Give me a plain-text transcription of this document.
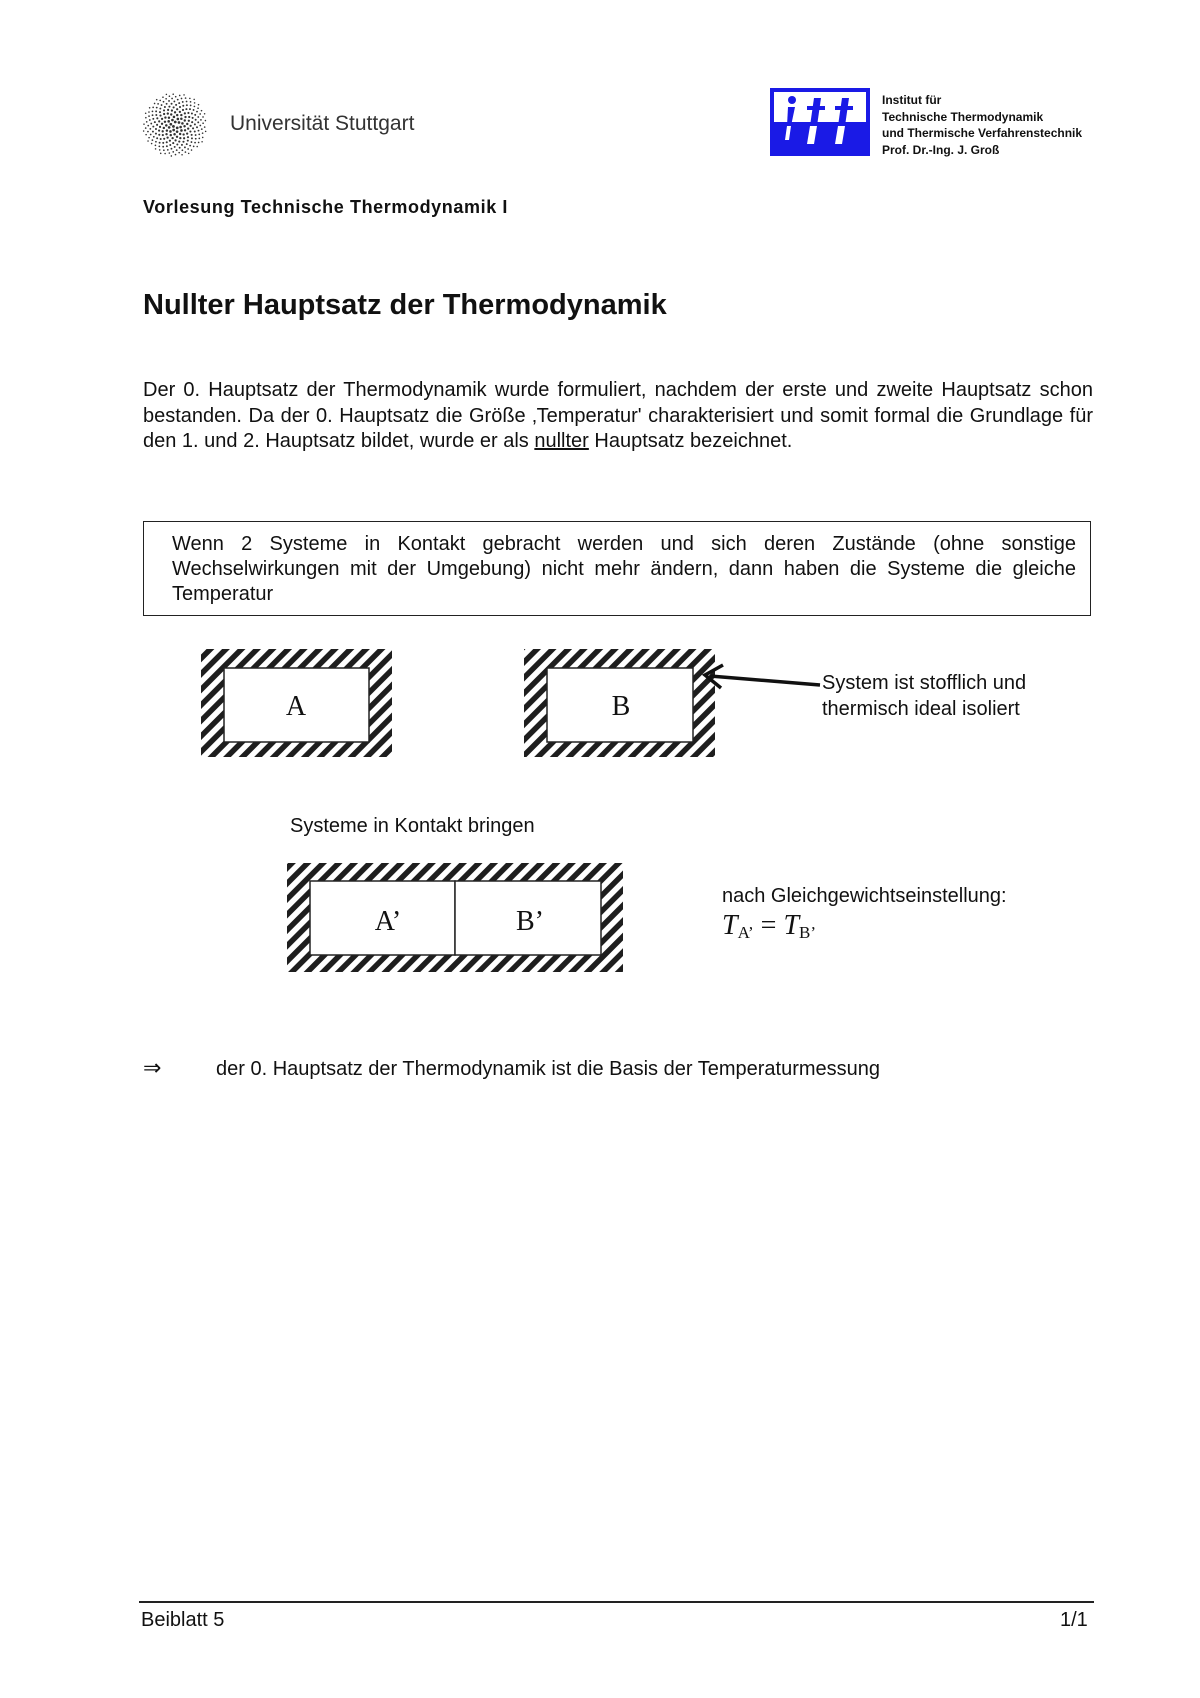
Universität Stuttgart
Institut für
Technische Thermodynamik
und Thermische Verfahrenstechnik
Prof. Dr.-Ing. J. Groß
Vorlesung Technische Thermodynamik I
Nullter Hauptsatz der Thermodynamik
Der 0. Hauptsatz der Thermodynamik wurde formuliert, nachdem der erste und zweite Hauptsatz schon bestanden. Da der 0. Hauptsatz die Größe ‚Temperatur' charakterisiert und somit formal die Grundlage für den 1. und 2. Hauptsatz bildet, wurde er als nullter Hauptsatz bezeichnet.
Wenn 2 Systeme in Kontakt gebracht werden und sich deren Zustände (ohne sonstige Wechselwirkungen mit der Umgebung) nicht mehr ändern, dann haben die Systeme die gleiche Temperatur
A	B
A’	B’
System ist stofflich und
thermisch ideal isoliert
Systeme in Kontakt bringen
nach Gleichgewichtseinstellung:
$T_{A’} = T_{B’}$
⇒	der 0. Hauptsatz der Thermodynamik ist die Basis der Temperaturmessung
Beiblatt 5	1/1
